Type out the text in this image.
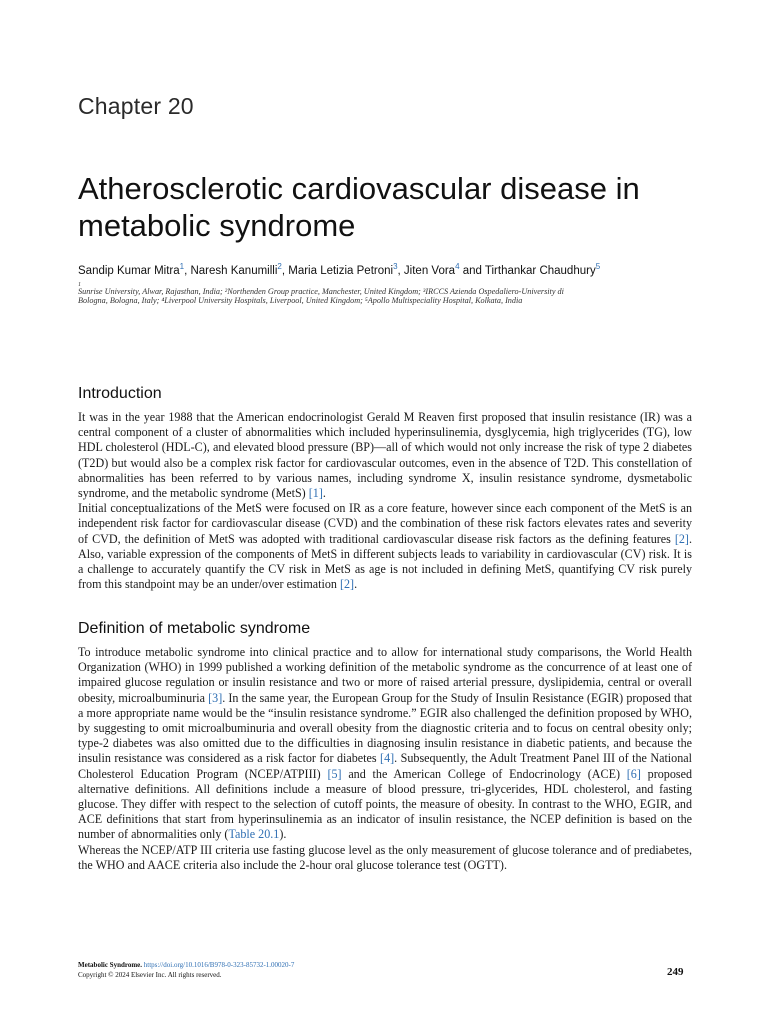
Chapter 20
Atherosclerotic cardiovascular disease in
metabolic syndrome
Sandip Kumar Mitra$^1$, Naresh Kanumilli$^2$, Maria Letizia Petroni$^3$, Jiten Vora$^4$ and Tirthankar Chaudhury$^5$
1
Sunrise University, Alwar, Rajasthan, India; ²Northenden Group practice, Manchester, United Kingdom; ³IRCCS Azienda Ospedaliero-University di
Bologna, Bologna, Italy; ⁴Liverpool University Hospitals, Liverpool, United Kingdom; ⁵Apollo Multispeciality Hospital, Kolkata, India
Introduction

It was in the year 1988 that the American endocrinologist Gerald M Reaven first proposed that insulin resistance (IR) was a central component of a cluster of abnormalities which included hyperinsulinemia, dysglycemia, high triglycerides (TG), low HDL cholesterol (HDL-C), and elevated blood pressure (BP)—all of which would not only increase the risk of type 2 diabetes (T2D) but would also be a complex risk factor for cardiovascular outcomes, even in the absence of T2D. This constellation of abnormalities has been referred to by various names, including syndrome X, insulin resistance syndrome, dysmetabolic syndrome, and the metabolic syndrome (MetS) [1].

Initial conceptualizations of the MetS were focused on IR as a core feature, however since each component of the MetS is an independent risk factor for cardiovascular disease (CVD) and the combination of these risk factors elevates rates and severity of CVD, the definition of MetS was adopted with traditional cardiovascular disease risk factors as the defining features [2]. Also, variable expression of the components of MetS in different subjects leads to variability in cardiovascular (CV) risk. It is a challenge to accurately quantify the CV risk in MetS as age is not included in defining MetS, quantifying CV risk purely from this standpoint may be an under/over estimation [2].

Definition of metabolic syndrome

To introduce metabolic syndrome into clinical practice and to allow for international study comparisons, the World Health Organization (WHO) in 1999 published a working definition of the metabolic syndrome as the concurrence of at least one of impaired glucose regulation or insulin resistance and two or more of raised arterial pressure, dyslipidemia, central or overall obesity, microalbuminuria [3]. In the same year, the European Group for the Study of Insulin Resistance (EGIR) proposed that a more appropriate name would be the “insulin resistance syndrome.” EGIR also challenged the definition proposed by WHO, by suggesting to omit microalbuminuria and overall obesity from the diagnostic criteria and to focus on central obesity only; type-2 diabetes was also omitted due to the difficulties in diagnosing insulin resistance in diabetic patients, and because the insulin resistance was considered as a risk factor for diabetes [4]. Subsequently, the Adult Treatment Panel III of the National Cholesterol Education Program (NCEP/ATPIII) [5] and the American College of Endocrinology (ACE) [6] proposed alternative definitions. All definitions include a measure of blood pressure, tri-glycerides, HDL cholesterol, and fasting glucose. They differ with respect to the selection of cutoff points, the measure of obesity. In contrast to the WHO, EGIR, and ACE definitions that start from hyperinsulinemia as an indicator of insulin resistance, the NCEP definition is based on the number of abnormalities only (Table 20.1).

Whereas the NCEP/ATP III criteria use fasting glucose level as the only measurement of glucose tolerance and of prediabetes, the WHO and AACE criteria also include the 2-hour oral glucose tolerance test (OGTT).

Metabolic Syndrome. https://doi.org/10.1016/B978-0-323-85732-1.00020-7
Copyright © 2024 Elsevier Inc. All rights reserved.	249
